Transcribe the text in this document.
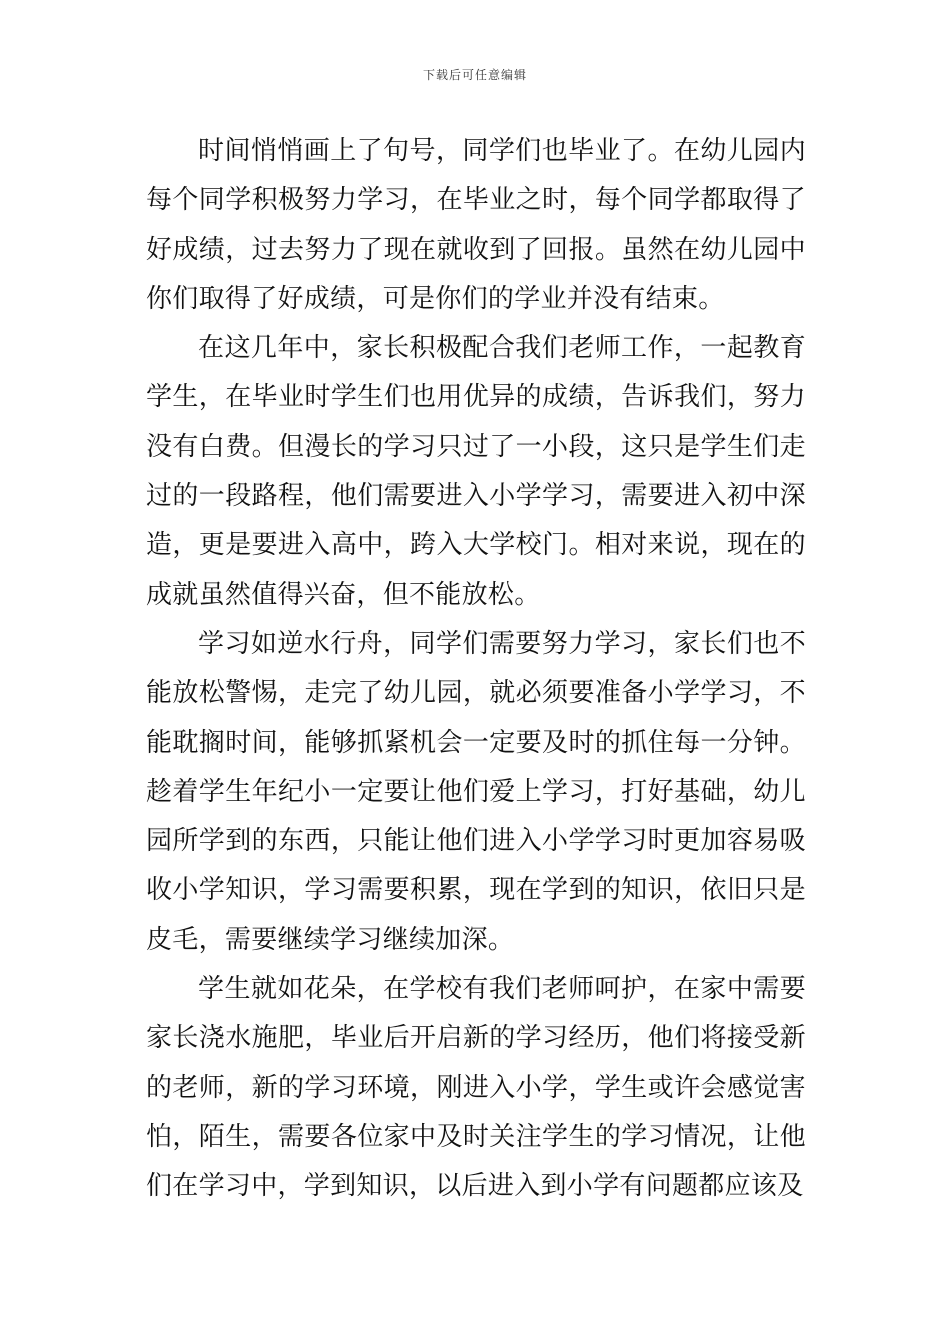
下载后可任意编辑

时间悄悄画上了句号，同学们也毕业了。在幼儿园内每个同学积极努力学习，在毕业之时，每个同学都取得了好成绩，过去努力了现在就收到了回报。虽然在幼儿园中你们取得了好成绩，可是你们的学业并没有结束。

在这几年中，家长积极配合我们老师工作，一起教育学生，在毕业时学生们也用优异的成绩，告诉我们，努力没有白费。但漫长的学习只过了一小段，这只是学生们走过的一段路程，他们需要进入小学学习，需要进入初中深造，更是要进入高中，跨入大学校门。相对来说，现在的成就虽然值得兴奋，但不能放松。

学习如逆水行舟，同学们需要努力学习，家长们也不能放松警惕，走完了幼儿园，就必须要准备小学学习，不能耽搁时间，能够抓紧机会一定要及时的抓住每一分钟。趁着学生年纪小一定要让他们爱上学习，打好基础，幼儿园所学到的东西，只能让他们进入小学学习时更加容易吸收小学知识，学习需要积累，现在学到的知识，依旧只是皮毛，需要继续学习继续加深。

学生就如花朵，在学校有我们老师呵护，在家中需要家长浇水施肥，毕业后开启新的学习经历，他们将接受新的老师，新的学习环境，刚进入小学，学生或许会感觉害怕，陌生，需要各位家中及时关注学生的学习情况，让他们在学习中，学到知识，以后进入到小学有问题都应该及
